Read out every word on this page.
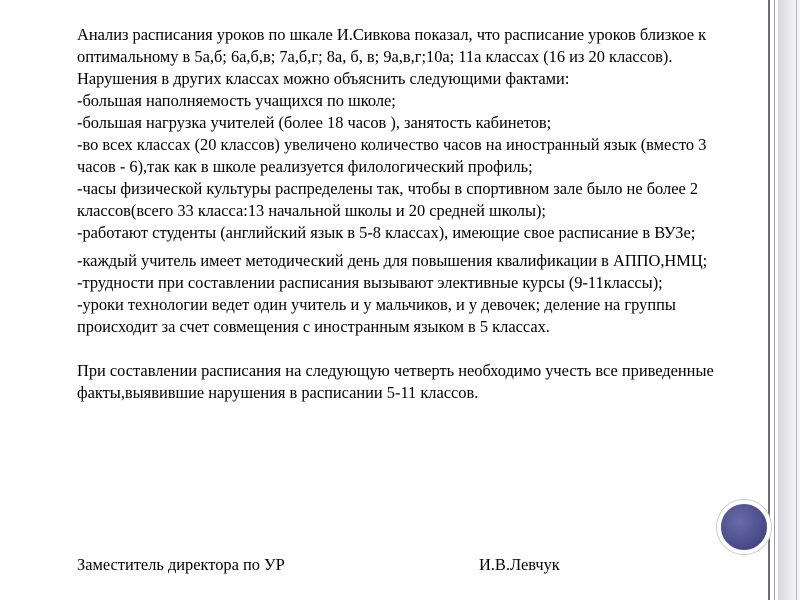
Анализ расписания уроков по шкале И.Сивкова показал, что расписание уроков близкое к оптимальному в 5а,б; 6а,б,в; 7а,б,г; 8а, б, в; 9а,в,г;10а; 11а классах (16 из 20 классов).

Нарушения в других классах можно объяснить следующими фактами:

-большая наполняемость учащихся по школе;

-большая нагрузка учителей (более 18 часов ), занятость кабинетов;

-во всех классах (20 классов) увеличено количество часов на иностранный язык (вместо 3 часов - 6),так как в школе реализуется филологический профиль;

-часы физической культуры распределены так, чтобы в спортивном зале было не более 2 классов(всего 33 класса:13 начальной школы и 20 средней школы);

-работают студенты (английский язык в 5-8 классах), имеющие свое расписание в ВУЗе;

-каждый учитель имеет методический день для повышения квалификации в АППО,НМЦ;

-трудности при составлении расписания вызывают элективные курсы (9-11классы);

-уроки технологии ведет один учитель и у мальчиков, и у девочек; деление на группы происходит за счет совмещения с иностранным языком в 5 классах.

При составлении расписания на следующую четверть необходимо учесть все приведенные факты,выявившие нарушения в расписании 5-11 классов.

Заместитель директора по УР	И.В.Левчук
